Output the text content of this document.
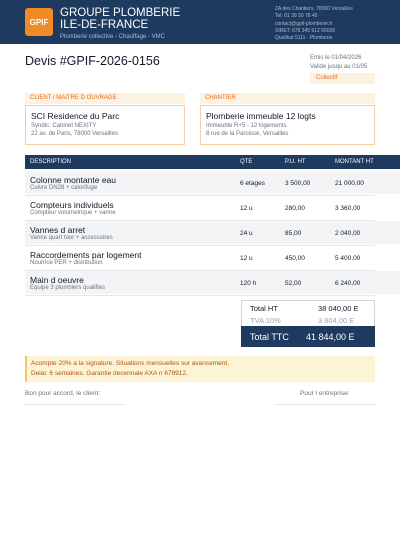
GPIF
GROUPE PLOMBERIE
ILE-DE-FRANCE
Plomberie collective - Chauffage - VMC
ZA des Chantiers, 78000 Versailles
Tel: 01 39 50 78 45
contact@gpif-plomberie.fr
SIRET: 678 345 912 00028
Qualibat 5111 - Plomberie
Devis #GPIF-2026-0156	Emis le 01/04/2026
Valide jusqu au 01/05
Collectif
CLIENT / MAITRE D OUVRAGE
SCI Residence du Parc
Syndic: Cabinet NEXITY
22 av. de Paris, 78000 Versailles
CHANTIER
Plomberie immeuble 12 logts
Immeuble R+5 - 12 logements
8 rue de la Paroisse, Versailles
DESCRIPTION	QTE	P.U. HT	MONTANT HT
Colonne montante eau
Cuivre DN28 + calorifuge
6 etages	3 500,00	21 000,00
Compteurs individuels
Compteur volumetrique + vanne
12 u	280,00	3 360,00
Vannes d arret
Vanne quart tour + accessoires
24 u	85,00	2 040,00
Raccordements par logement
Nourrice PER + distribution
12 u	450,00	5 400,00
Main d oeuvre
Equipe 3 plombiers qualifies
120 h	52,00	6 240,00
Total HT	38 040,00 E
TVA 10%	3 804,00 E
Total TTC 41 844,00 E
Acompte 20% a la signature. Situations mensuelles sur avancement.
Delai: 6 semaines. Garantie decennale AXA n 678912.
Bon pour accord, le client:	Pour l entreprise:
